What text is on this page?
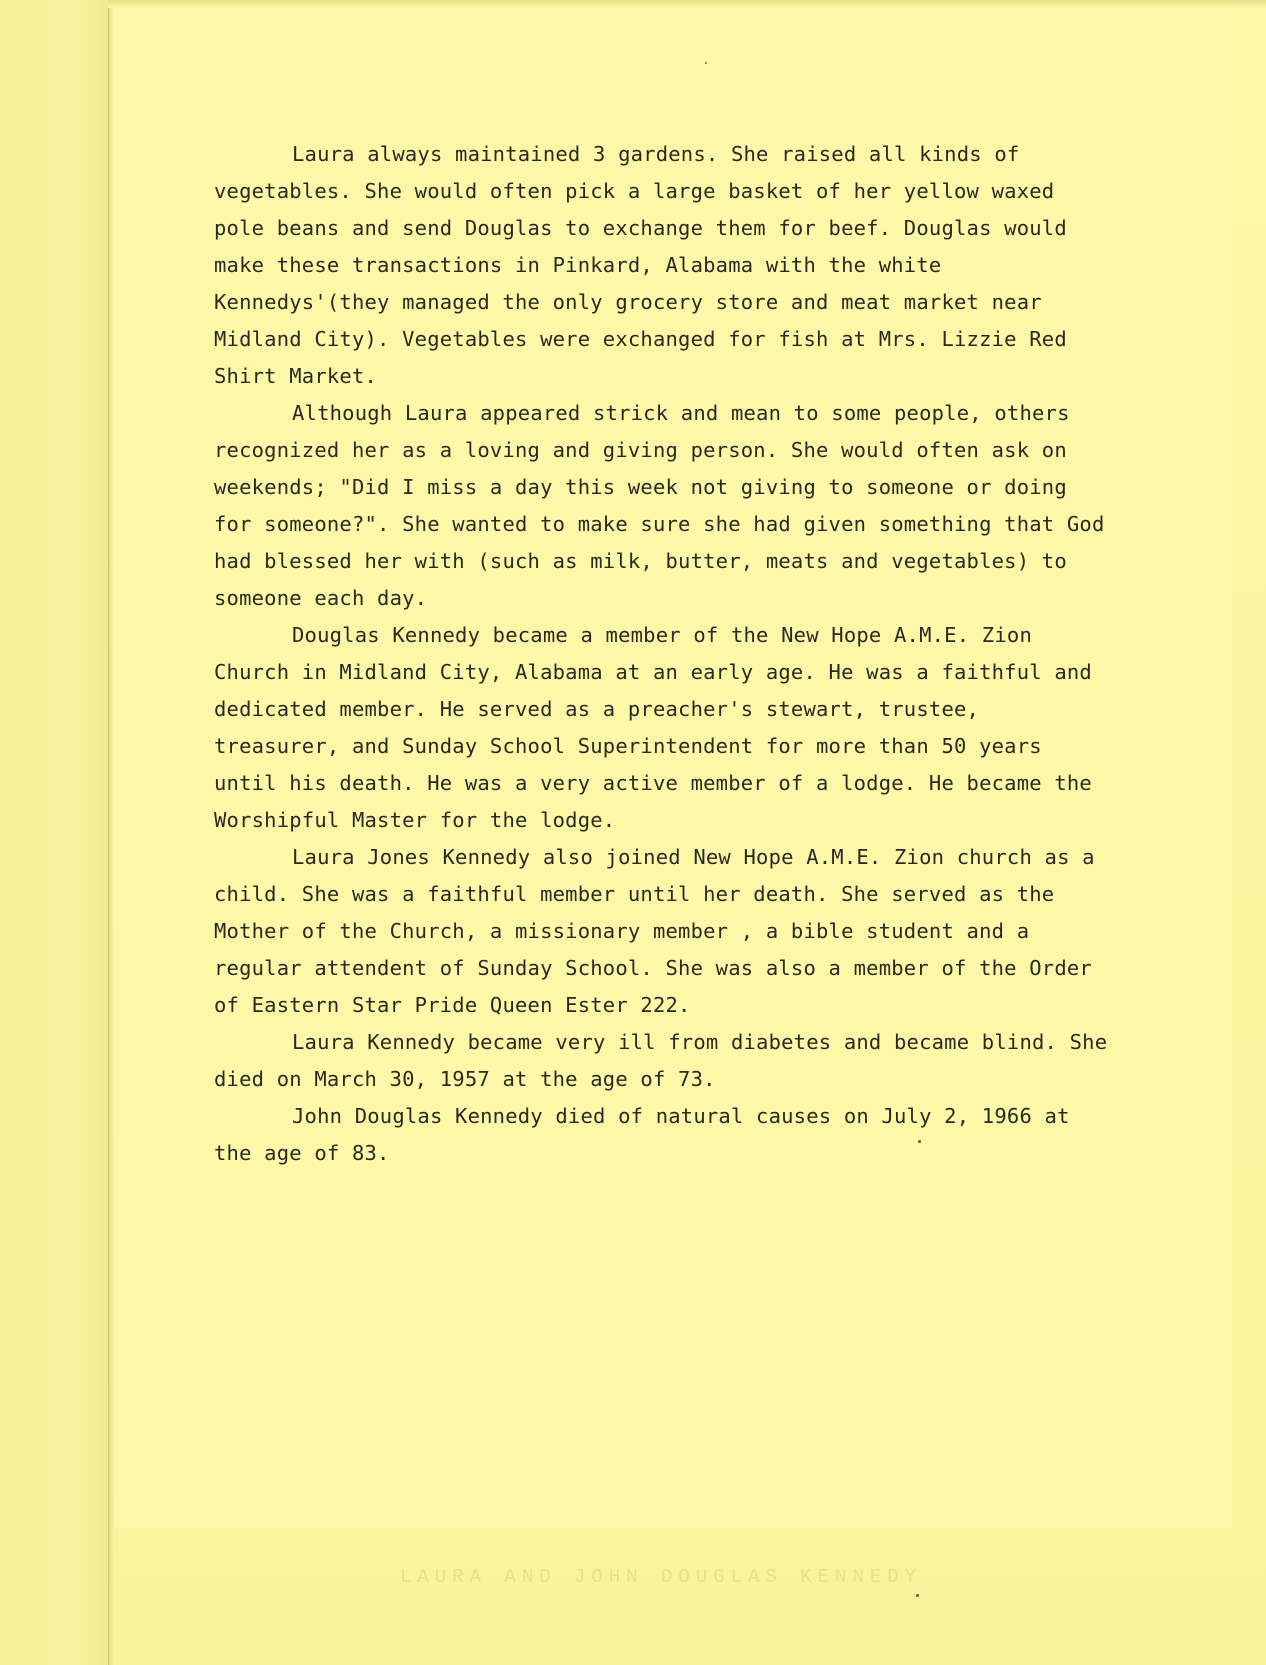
Laura always maintained 3 gardens. She raised all kinds of vegetables. She would often pick a large basket of her yellow waxed pole beans and send Douglas to exchange them for beef. Douglas would make these transactions in Pinkard, Alabama with the white Kennedys'(they managed the only grocery store and meat market near Midland City). Vegetables were exchanged for fish at Mrs. Lizzie Red Shirt Market.

Although Laura appeared strick and mean to some people, others recognized her as a loving and giving person. She would often ask on weekends; "Did I miss a day this week not giving to someone or doing for someone?". She wanted to make sure she had given something that God had blessed her with (such as milk, butter, meats and vegetables) to someone each day.

Douglas Kennedy became a member of the New Hope A.M.E. Zion Church in Midland City, Alabama at an early age. He was a faithful and dedicated member. He served as a preacher's stewart, trustee, treasurer, and Sunday School Superintendent for more than 50 years until his death. He was a very active member of a lodge. He became the Worshipful Master for the lodge.

Laura Jones Kennedy also joined New Hope A.M.E. Zion church as a child. She was a faithful member until her death. She served as the Mother of the Church, a missionary member , a bible student and a regular attendent of Sunday School. She was also a member of the Order of Eastern Star Pride Queen Ester 222.

Laura Kennedy became very ill from diabetes and became blind. She died on March 30, 1957 at the age of 73.

John Douglas Kennedy died of natural causes on July 2, 1966 at the age of 83.

LAURA AND JOHN DOUGLAS KENNEDY
